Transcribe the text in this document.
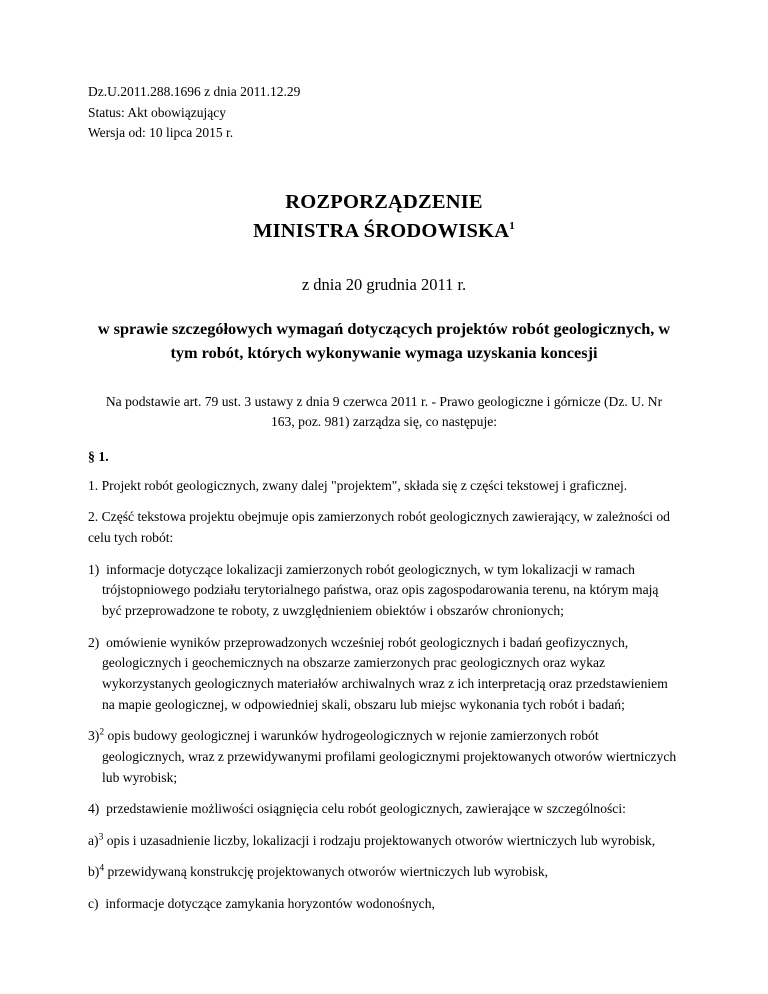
Dz.U.2011.288.1696 z dnia 2011.12.29
Status: Akt obowiązujący
Wersja od: 10 lipca 2015 r.
ROZPORZĄDZENIE
MINISTRA ŚRODOWISKA$^1$
z dnia 20 grudnia 2011 r.
w sprawie szczegółowych wymagań dotyczących projektów robót geologicznych, w tym robót, których wykonywanie wymaga uzyskania koncesji
Na podstawie art. 79 ust. 3 ustawy z dnia 9 czerwca 2011 r. - Prawo geologiczne i górnicze (Dz. U. Nr 163, poz. 981) zarządza się, co następuje:
§ 1.

1. Projekt robót geologicznych, zwany dalej "projektem", składa się z części tekstowej i graficznej.

2. Część tekstowa projektu obejmuje opis zamierzonych robót geologicznych zawierający, w zależności od celu tych robót:

1) informacje dotyczące lokalizacji zamierzonych robót geologicznych, w tym lokalizacji w ramach trójstopniowego podziału terytorialnego państwa, oraz opis zagospodarowania terenu, na którym mają być przeprowadzone te roboty, z uwzględnieniem obiektów i obszarów chronionych;

2) omówienie wyników przeprowadzonych wcześniej robót geologicznych i badań geofizycznych, geologicznych i geochemicznych na obszarze zamierzonych prac geologicznych oraz wykaz wykorzystanych geologicznych materiałów archiwalnych wraz z ich interpretacją oraz przedstawieniem na mapie geologicznej, w odpowiedniej skali, obszaru lub miejsc wykonania tych robót i badań;

3)$^2$ opis budowy geologicznej i warunków hydrogeologicznych w rejonie zamierzonych robót geologicznych, wraz z przewidywanymi profilami geologicznymi projektowanych otworów wiertniczych lub wyrobisk;

4) przedstawienie możliwości osiągnięcia celu robót geologicznych, zawierające w szczególności:

a)$^3$ opis i uzasadnienie liczby, lokalizacji i rodzaju projektowanych otworów wiertniczych lub wyrobisk,

b)$^4$ przewidywaną konstrukcję projektowanych otworów wiertniczych lub wyrobisk,

c) informacje dotyczące zamykania horyzontów wodonośnych,
